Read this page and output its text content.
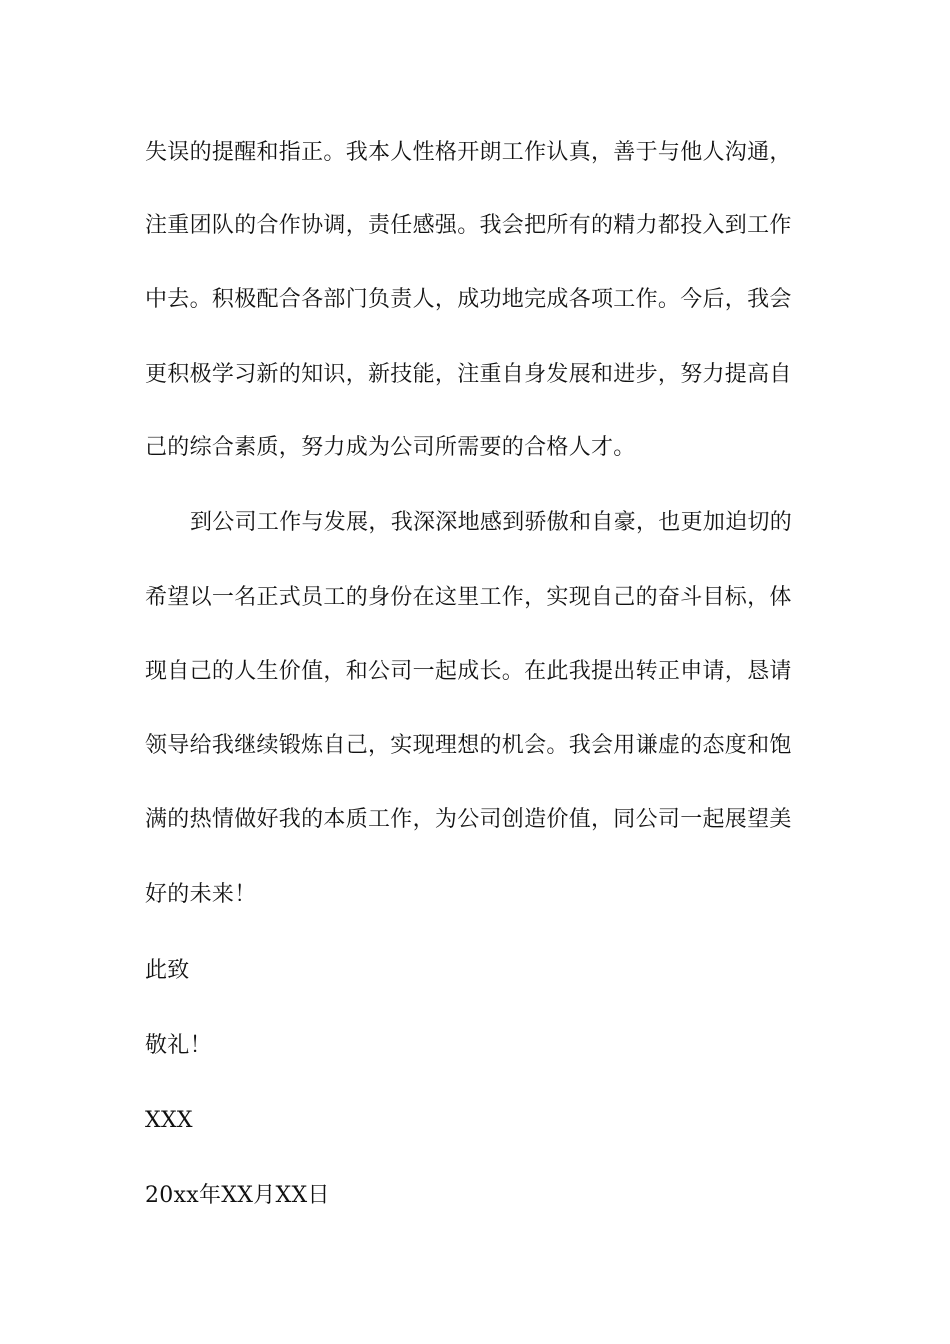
失误的提醒和指正。我本人性格开朗工作认真，善于与他人沟通，
注重团队的合作协调，责任感强。我会把所有的精力都投入到工作
中去。积极配合各部门负责人，成功地完成各项工作。今后，我会
更积极学习新的知识，新技能，注重自身发展和进步，努力提高自
己的综合素质，努力成为公司所需要的合格人才。
到公司工作与发展，我深深地感到骄傲和自豪，也更加迫切的
希望以一名正式员工的身份在这里工作，实现自己的奋斗目标，体
现自己的人生价值，和公司一起成长。在此我提出转正申请，恳请
领导给我继续锻炼自己，实现理想的机会。我会用谦虚的态度和饱
满的热情做好我的本质工作，为公司创造价值，同公司一起展望美
好的未来！
此致
敬礼！
XXX
20xx年XX月XX日
